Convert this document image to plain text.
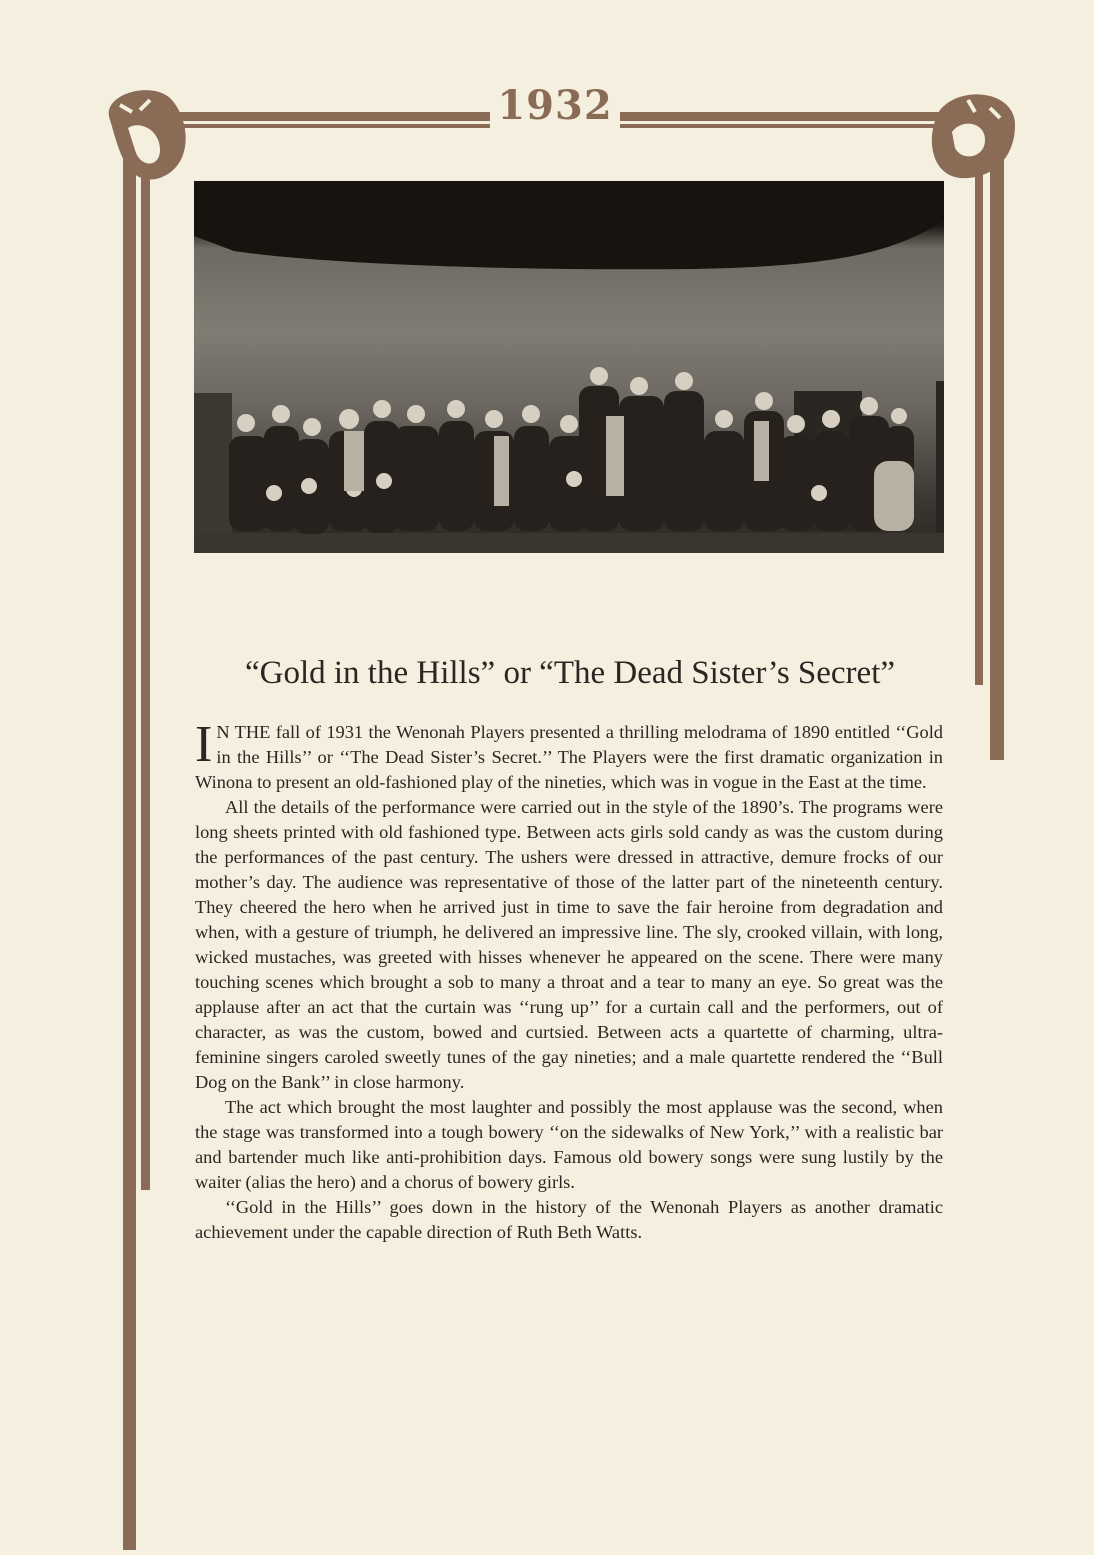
1932
“Gold in the Hills” or “The Dead Sister’s Secret”

I N THE fall of 1931 the Wenonah Players presented a thrilling melodrama of 1890 entitled ‘‘Gold in the Hills’’ or ‘‘The Dead Sister’s Secret.’’ The Players were the first dramatic organization in Winona to present an old-fashioned play of the nineties, which was in vogue in the East at the time.

All the details of the performance were carried out in the style of the 1890’s. The programs were long sheets printed with old fashioned type. Between acts girls sold candy as was the custom during the performances of the past century. The ushers were dressed in attractive, demure frocks of our mother’s day. The audience was representative of those of the latter part of the nineteenth century. They cheered the hero when he arrived just in time to save the fair heroine from degradation and when, with a gesture of triumph, he delivered an impressive line. The sly, crooked villain, with long, wicked mustaches, was greeted with hisses whenever he appeared on the scene. There were many touching scenes which brought a sob to many a throat and a tear to many an eye. So great was the applause after an act that the curtain was ‘‘rung up’’ for a curtain call and the performers, out of character, as was the custom, bowed and curtsied. Between acts a quartette of charming, ultra-feminine singers caroled sweetly tunes of the gay nineties; and a male quartette rendered the ‘‘Bull Dog on the Bank’’ in close harmony.

The act which brought the most laughter and possibly the most applause was the second, when the stage was transformed into a tough bowery ‘‘on the sidewalks of New York,’’ with a realistic bar and bartender much like anti-prohibition days. Famous old bowery songs were sung lustily by the waiter (alias the hero) and a chorus of bowery girls.

‘‘Gold in the Hills’’ goes down in the history of the Wenonah Players as another dramatic achievement under the capable direction of Ruth Beth Watts.
